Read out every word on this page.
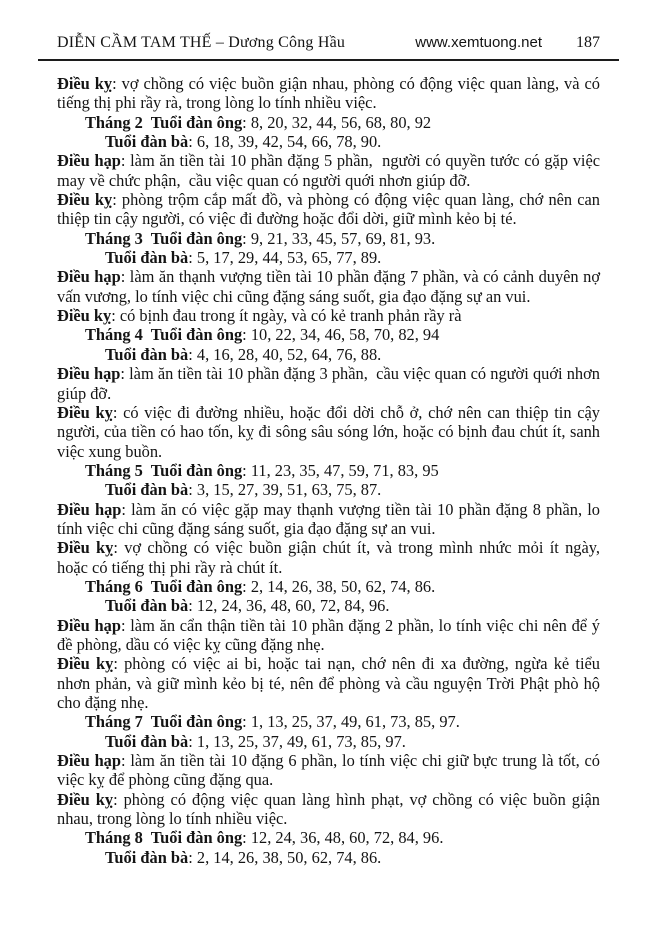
DIỄN CẦM TAM THẾ – Dương Công Hầu	www.xemtuong.net 187

Điều kỵ: vợ chồng có việc buồn giận nhau, phòng có động việc quan làng, và có tiếng thị phi rầy rà, trong lòng lo tính nhiều việc.

Tháng 2  Tuổi đàn ông: 8, 20, 32, 44, 56, 68, 80, 92

Tuổi đàn bà: 6, 18, 39, 42, 54, 66, 78, 90.

Điều hạp: làm ăn tiền tài 10 phần đặng 5 phần,  người có quyền tước có gặp việc may về chức phận,  cầu việc quan có người quới nhơn giúp đỡ.

Điều kỵ: phòng trộm cắp mất đồ, và phòng có động việc quan làng, chớ nên can thiệp tin cậy người, có việc đi đường hoặc đổi dời, giữ mình kẻo bị té.

Tháng 3  Tuổi đàn ông: 9, 21, 33, 45, 57, 69, 81, 93.

Tuổi đàn bà: 5, 17, 29, 44, 53, 65, 77, 89.

Điều hạp: làm ăn thạnh vượng tiền tài 10 phần đặng 7 phần, và có cảnh duyên nợ vấn vương, lo tính việc chi cũng đặng sáng suốt, gia đạo đặng sự an vui.

Điều kỵ: có bịnh đau trong ít ngày, và có kẻ tranh phản rầy rà

Tháng 4  Tuổi đàn ông: 10, 22, 34, 46, 58, 70, 82, 94

Tuổi đàn bà: 4, 16, 28, 40, 52, 64, 76, 88.

Điều hạp: làm ăn tiền tài 10 phần đặng 3 phần,  cầu việc quan có người quới nhơn giúp đỡ.

Điều kỵ: có việc đi đường nhiều, hoặc đổi dời chỗ ở, chớ nên can thiệp tin cậy người, của tiền có hao tốn, kỵ đi sông sâu sóng lớn, hoặc có bịnh đau chút ít, sanh việc xung buồn.

Tháng 5  Tuổi đàn ông: 11, 23, 35, 47, 59, 71, 83, 95

Tuổi đàn bà: 3, 15, 27, 39, 51, 63, 75, 87.

Điều hạp: làm ăn có việc gặp may thạnh vượng tiền tài 10 phần đặng 8 phần, lo tính việc chi cũng đặng sáng suốt, gia đạo đặng sự an vui.

Điều kỵ: vợ chồng có việc buồn giận chút ít, và trong mình nhức mỏi ít ngày, hoặc có tiếng thị phi rầy rà chút ít.

Tháng 6  Tuổi đàn ông: 2, 14, 26, 38, 50, 62, 74, 86.

Tuổi đàn bà: 12, 24, 36, 48, 60, 72, 84, 96.

Điều hạp: làm ăn cẩn thận tiền tài 10 phần đặng 2 phần, lo tính việc chi nên để ý đề phòng, dầu có việc kỵ cũng đặng nhẹ.

Điều kỵ: phòng có việc ai bi, hoặc tai nạn, chớ nên đi xa đường, ngừa kẻ tiểu nhơn phản, và giữ mình kẻo bị té, nên để phòng và cầu nguyện Trời Phật phò hộ cho đặng nhẹ.

Tháng 7  Tuổi đàn ông: 1, 13, 25, 37, 49, 61, 73, 85, 97.

Tuổi đàn bà: 1, 13, 25, 37, 49, 61, 73, 85, 97.

Điều hạp: làm ăn tiền tài 10 đặng 6 phần, lo tính việc chi giữ bực trung là tốt, có việc kỵ để phòng cũng đặng qua.

Điều kỵ: phòng có động việc quan làng hình phạt, vợ chồng có việc buồn giận nhau, trong lòng lo tính nhiều việc.

Tháng 8  Tuổi đàn ông: 12, 24, 36, 48, 60, 72, 84, 96.

Tuổi đàn bà: 2, 14, 26, 38, 50, 62, 74, 86.
